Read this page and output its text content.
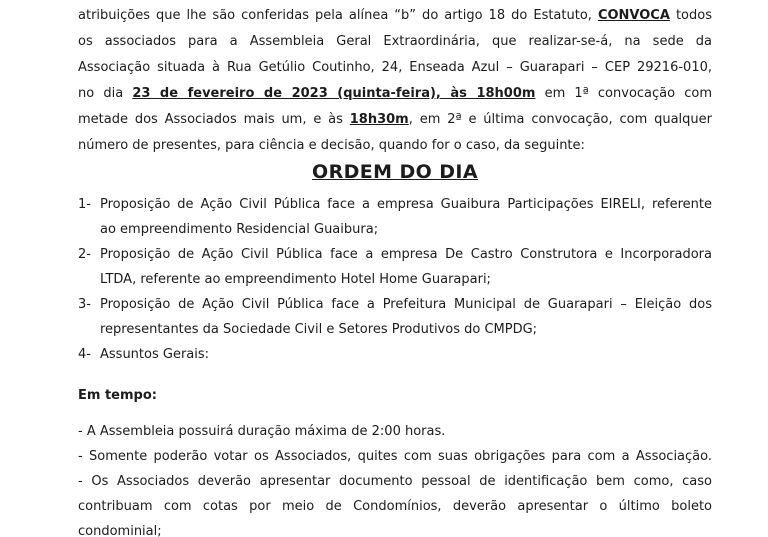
atribuições que lhe são conferidas pela alínea “b” do artigo 18 do Estatuto, CONVOCA todos
os associados para a Assembleia Geral Extraordinária, que realizar-se-á, na sede da
Associação situada à Rua Getúlio Coutinho, 24, Enseada Azul – Guarapari – CEP 29216-010,
no dia 23 de fevereiro de 2023 (quinta-feira), às 18h00m em 1ª convocação com
metade dos Associados mais um, e às 18h30m, em 2ª e última convocação, com qualquer
número de presentes, para ciência e decisão, quando for o caso, da seguinte:
ORDEM DO DIA
1- Proposição de Ação Civil Pública face a empresa Guaibura Participações EIRELI, referente
ao empreendimento Residencial Guaibura;
2- Proposição de Ação Civil Pública face a empresa De Castro Construtora e Incorporadora
LTDA, referente ao empreendimento Hotel Home Guarapari;
3- Proposição de Ação Civil Pública face a Prefeitura Municipal de Guarapari – Eleição dos
representantes da Sociedade Civil e Setores Produtivos do CMPDG;
4- Assuntos Gerais:
Em tempo:
- A Assembleia possuirá duração máxima de 2:00 horas.
- Somente poderão votar os Associados, quites com suas obrigações para com a Associação.
- Os Associados deverão apresentar documento pessoal de identificação bem como, caso
contribuam com cotas por meio de Condomínios, deverão apresentar o último boleto
condominial;
